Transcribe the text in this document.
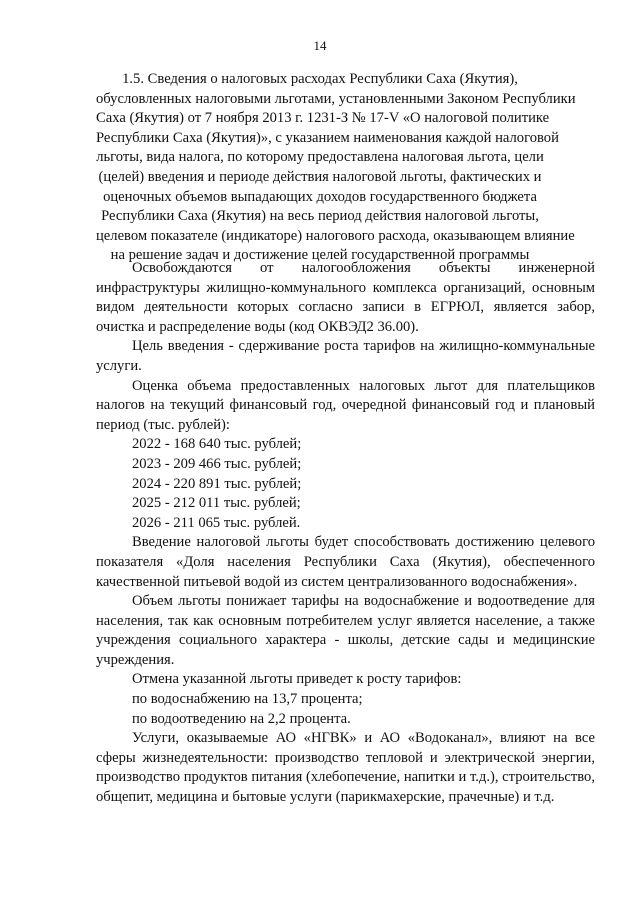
14
1.5. Сведения о налоговых расходах Республики Саха (Якутия),
обусловленных налоговыми льготами, установленными Законом Республики
Саха (Якутия) от 7 ноября 2013 г. 1231-З № 17-V «О налоговой политике
Республики Саха (Якутия)», с указанием наименования каждой налоговой
льготы, вида налога, по которому предоставлена налоговая льгота, цели
(целей) введения и периоде действия налоговой льготы, фактических и
оценочных объемов выпадающих доходов государственного бюджета
Республики Саха (Якутия) на весь период действия налоговой льготы,
целевом показателе (индикаторе) налогового расхода, оказывающем влияние
на решение задач и достижение целей государственной программы

Освобождаются от налогообложения объекты инженерной инфраструктуры жилищно-коммунального комплекса организаций, основным видом деятельности которых согласно записи в ЕГРЮЛ, является забор, очистка и распределение воды (код ОКВЭД2 36.00).

Цель введения - сдерживание роста тарифов на жилищно-коммунальные услуги.

Оценка объема предоставленных налоговых льгот для плательщиков налогов на текущий финансовый год, очередной финансовый год и плановый период (тыс. рублей):

2022 - 168 640 тыс. рублей;

2023 - 209 466 тыс. рублей;

2024 - 220 891 тыс. рублей;

2025 - 212 011 тыс. рублей;

2026 - 211 065 тыс. рублей.

Введение налоговой льготы будет способствовать достижению целевого показателя «Доля населения Республики Саха (Якутия), обеспеченного качественной питьевой водой из систем централизованного водоснабжения».

Объем льготы понижает тарифы на водоснабжение и водоотведение для населения, так как основным потребителем услуг является население, а также учреждения социального характера - школы, детские сады и медицинские учреждения.

Отмена указанной льготы приведет к росту тарифов:

по водоснабжению на 13,7 процента;

по водоотведению на 2,2 процента.

Услуги, оказываемые АО «НГВК» и АО «Водоканал», влияют на все сферы жизнедеятельности: производство тепловой и электрической энергии, производство продуктов питания (хлебопечение, напитки и т.д.), строительство, общепит, медицина и бытовые услуги (парикмахерские, прачечные) и т.д.
